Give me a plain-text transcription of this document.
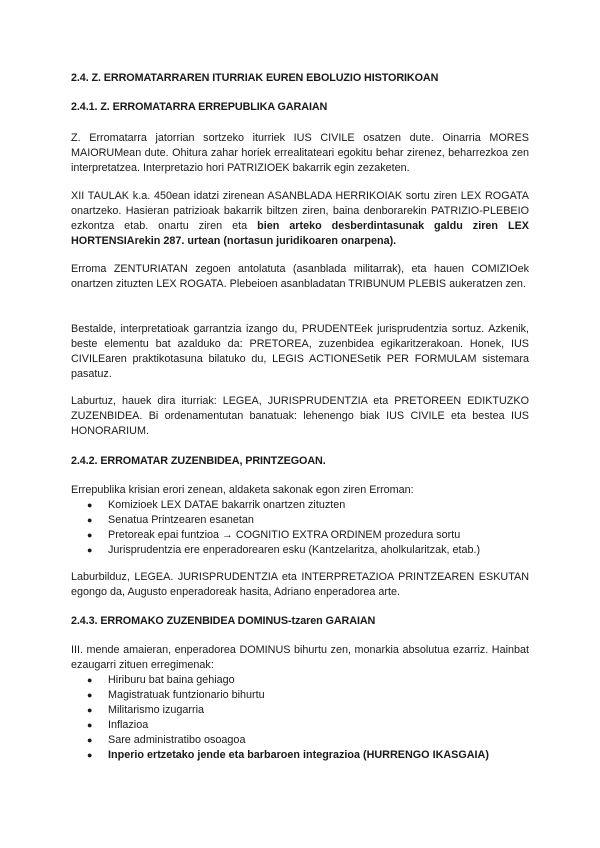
2.4. Z. ERROMATARRAREN ITURRIAK EUREN EBOLUZIO HISTORIKOAN
2.4.1. Z. ERROMATARRA ERREPUBLIKA GARAIAN

Z. Erromatarra jatorrian sortzeko iturriek IUS CIVILE osatzen dute. Oinarria MORES MAIORUMean dute. Ohitura zahar horiek errealitateari egokitu behar zirenez, beharrezkoa zen interpretatzea. Interpretazio hori PATRIZIOEK bakarrik egin zezaketen.

XII TAULAK k.a. 450ean idatzi zirenean ASANBLADA HERRIKOIAK sortu ziren LEX ROGATA onartzeko. Hasieran patrizioak bakarrik biltzen ziren, baina denborarekin PATRIZIO-PLEBEIO ezkontza etab. onartu ziren eta bien arteko desberdintasunak galdu ziren LEX HORTENSIArekin 287. urtean (nortasun juridikoaren onarpena).

Erroma ZENTURIATAN zegoen antolatuta (asanblada militarrak), eta hauen COMIZIOek onartzen zituzten LEX ROGATA. Plebeioen asanbladatan TRIBUNUM PLEBIS aukeratzen zen.

Bestalde, interpretatioak garrantzia izango du, PRUDENTEek jurisprudentzia sortuz. Azkenik, beste elementu bat azalduko da: PRETOREA, zuzenbidea egikaritzerakoan. Honek, IUS CIVILEaren praktikotasuna bilatuko du, LEGIS ACTIONESetik PER FORMULAM sistemara pasatuz.

Laburtuz, hauek dira iturriak: LEGEA, JURISPRUDENTZIA eta PRETOREEN EDIKTUZKO ZUZENBIDEA. Bi ordenamentutan banatuak: lehenengo biak IUS CIVILE eta bestea IUS HONORARIUM.

2.4.2. ERROMATAR ZUZENBIDEA, PRINTZEGOAN.

Errepublika krisian erori zenean, aldaketa sakonak egon ziren Erroman:

● Komizioek LEX DATAE bakarrik onartzen zituzten
● Senatua Printzearen esanetan
● Pretoreak epai funtzioa → COGNITIO EXTRA ORDINEM prozedura sortu
● Jurisprudentzia ere enperadorearen esku (Kantzelaritza, aholkularitzak, etab.)

Laburbilduz, LEGEA. JURISPRUDENTZIA eta INTERPRETAZIOA PRINTZEAREN ESKUTAN egongo da, Augusto enperadoreak hasita, Adriano enperadorea arte.

2.4.3. ERROMAKO ZUZENBIDEA DOMINUS-tzaren GARAIAN

III. mende amaieran, enperadorea DOMINUS bihurtu zen, monarkia absolutua ezarriz. Hainbat ezaugarri zituen erregimenak:

● Hiriburu bat baina gehiago
● Magistratuak funtzionario bihurtu
● Militarismo izugarria
● Inflazioa
● Sare administratibo osoagoa
● Inperio ertzetako jende eta barbaroen integrazioa (HURRENGO IKASGAIA)
